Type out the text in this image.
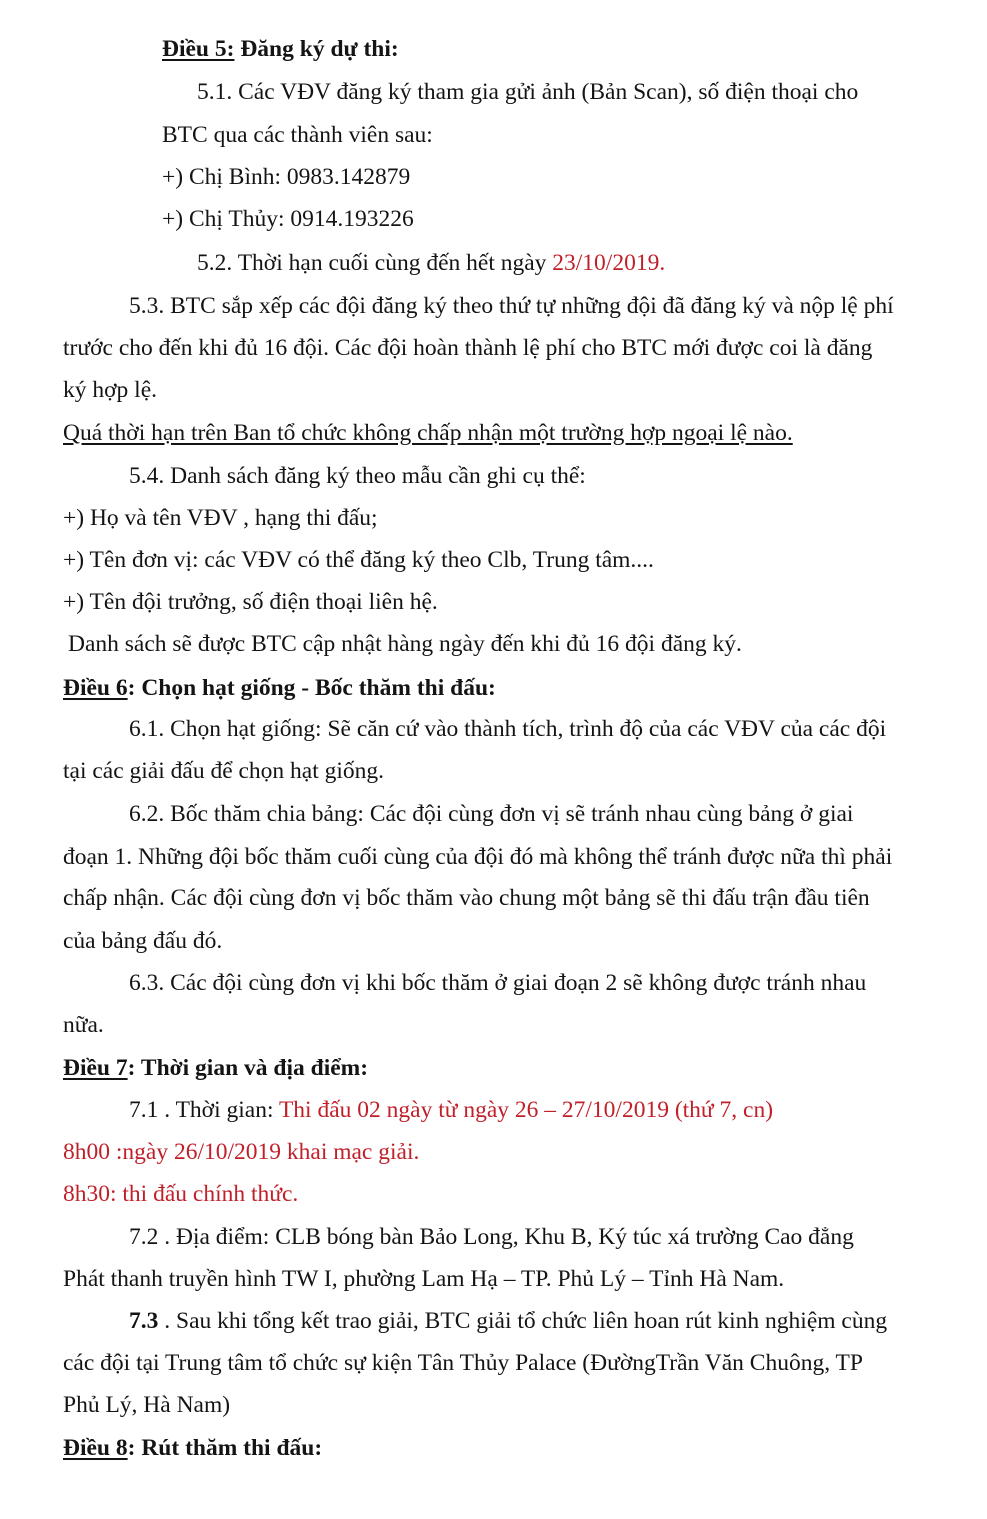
Điều 5: Đăng ký dự thi:
5.1. Các VĐV đăng ký tham gia gửi ảnh (Bản Scan), số điện thoại cho
BTC qua các thành viên sau:
+) Chị Bình: 0983.142879
+) Chị Thủy: 0914.193226
5.2. Thời hạn cuối cùng đến hết ngày 23/10/2019.
5.3. BTC sắp xếp các đội đăng ký theo thứ tự những đội đã đăng ký và nộp lệ phí
trước cho đến khi đủ 16 đội. Các đội hoàn thành lệ phí cho BTC mới được coi là đăng
ký hợp lệ.
Quá thời hạn trên Ban tổ chức không chấp nhận một trường hợp ngoại lệ nào.
5.4. Danh sách đăng ký theo mẫu cần ghi cụ thể:
+) Họ và tên VĐV , hạng thi đấu;
+) Tên đơn vị: các VĐV có thể đăng ký theo Clb, Trung tâm....
+) Tên đội trưởng, số điện thoại liên hệ.
Danh sách sẽ được BTC cập nhật hàng ngày đến khi đủ 16 đội đăng ký.
Điều 6: Chọn hạt giống - Bốc thăm thi đấu:
6.1. Chọn hạt giống: Sẽ căn cứ vào thành tích, trình độ của các VĐV của các đội
tại các giải đấu để chọn hạt giống.
6.2. Bốc thăm chia bảng: Các đội cùng đơn vị sẽ tránh nhau cùng bảng ở giai
đoạn 1. Những đội bốc thăm cuối cùng của đội đó mà không thể tránh được nữa thì phải
chấp nhận. Các đội cùng đơn vị bốc thăm vào chung một bảng sẽ thi đấu trận đầu tiên
của bảng đấu đó.
6.3. Các đội cùng đơn vị khi bốc thăm ở giai đoạn 2 sẽ không được tránh nhau
nữa.
Điều 7: Thời gian và địa điểm:
7.1 . Thời gian: Thi đấu 02 ngày từ ngày 26 – 27/10/2019 (thứ 7, cn)
8h00 :ngày 26/10/2019 khai mạc giải.
8h30: thi đấu chính thức.
7.2 . Địa điểm: CLB bóng bàn Bảo Long, Khu B, Ký túc xá trường Cao đẳng
Phát thanh truyền hình TW I, phường Lam Hạ – TP. Phủ Lý – Tỉnh Hà Nam.
7.3 . Sau khi tổng kết trao giải, BTC giải tổ chức liên hoan rút kinh nghiệm cùng
các đội tại Trung tâm tổ chức sự kiện Tân Thủy Palace (ĐườngTrần Văn Chuông, TP
Phủ Lý, Hà Nam)
Điều 8: Rút thăm thi đấu:
